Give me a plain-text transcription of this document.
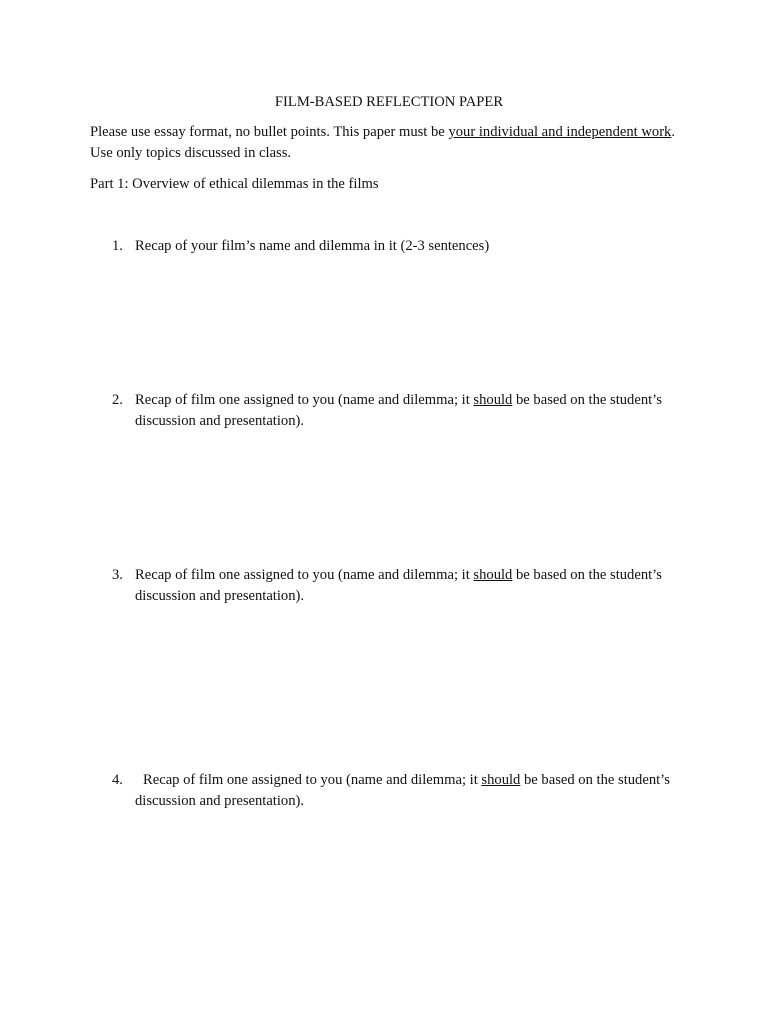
FILM-BASED REFLECTION PAPER

Please use essay format, no bullet points. This paper must be your individual and independent work. Use only topics discussed in class.

Part 1: Overview of ethical dilemmas in the films

1. Recap of your film’s name and dilemma in it (2-3 sentences)
2. Recap of film one assigned to you (name and dilemma; it should be based on the student’s discussion and presentation).
3. Recap of film one assigned to you (name and dilemma; it should be based on the student’s discussion and presentation).
4.	Recap of film one assigned to you (name and dilemma; it should be based on the student’s discussion and presentation).
